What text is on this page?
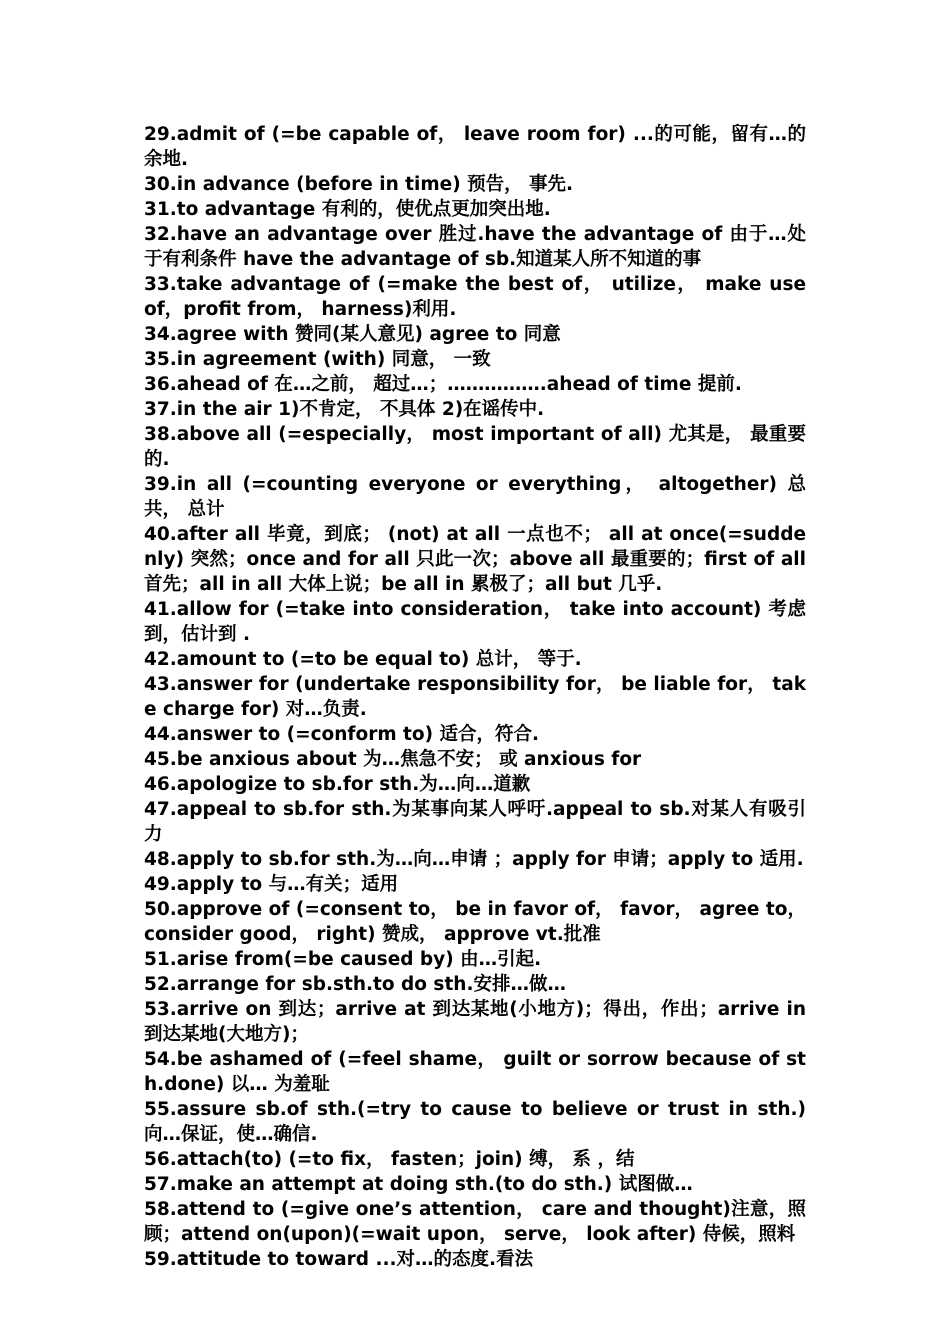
29.admit of (=be capable of， leave room for) ...的可能，留有…的余地.

30.in advance (before in time) 预告， 事先.

31.to advantage 有利的，使优点更加突出地.

32.have an advantage over 胜过.have the advantage of 由于…处于有利条件 have the advantage of sb.知道某人所不知道的事

33.take advantage of (=make the best of， utilize， make use of，profit from， harness)利用.

34.agree with 赞同(某人意见) agree to 同意

35.in agreement (with) 同意， 一致

36.ahead of 在…之前， 超过…；…………….ahead of time 提前.

37.in the air 1)不肯定， 不具体 2)在谣传中.

38.above all (=especially， most important of all) 尤其是， 最重要的.

39.in all (=counting everyone or everything， altogether) 总共， 总计

40.after all 毕竟，到底； (not) at all 一点也不； all at once(=suddenly) 突然；once and for all 只此一次；above all 最重要的；first of all 首先；all in all 大体上说；be all in 累极了；all but 几乎.

41.allow for (=take into consideration， take into account) 考虑到，估计到 .

42.amount to (=to be equal to) 总计， 等于.

43.answer for (undertake responsibility for， be liable for， take charge for) 对…负责.

44.answer to (=conform to) 适合，符合.

45.be anxious about 为…焦急不安； 或 anxious for

46.apologize to sb.for sth.为…向…道歉

47.appeal to sb.for sth.为某事向某人呼吁.appeal to sb.对某人有吸引力

48.apply to sb.for sth.为…向…申请 ；apply for 申请；apply to 适用.

49.apply to 与…有关；适用

50.approve of (=consent to， be in favor of， favor， agree to，consider good， right) 赞成， approve vt.批准

51.arise from(=be caused by) 由…引起.

52.arrange for sb.sth.to do sth.安排…做…

53.arrive on 到达；arrive at 到达某地(小地方)；得出，作出；arrive in 到达某地(大地方)；

54.be ashamed of (=feel shame， guilt or sorrow because of sth.done) 以… 为羞耻

55.assure sb.of sth.(=try to cause to believe or trust in sth.) 向…保证，使…确信.

56.attach(to) (=to fix， fasten；join) 缚， 系 ，结

57.make an attempt at doing sth.(to do sth.) 试图做…

58.attend to (=give one’s attention， care and thought)注意，照顾；attend on(upon)(=wait upon， serve， look after) 侍候，照料

59.attitude to toward ...对…的态度.看法
